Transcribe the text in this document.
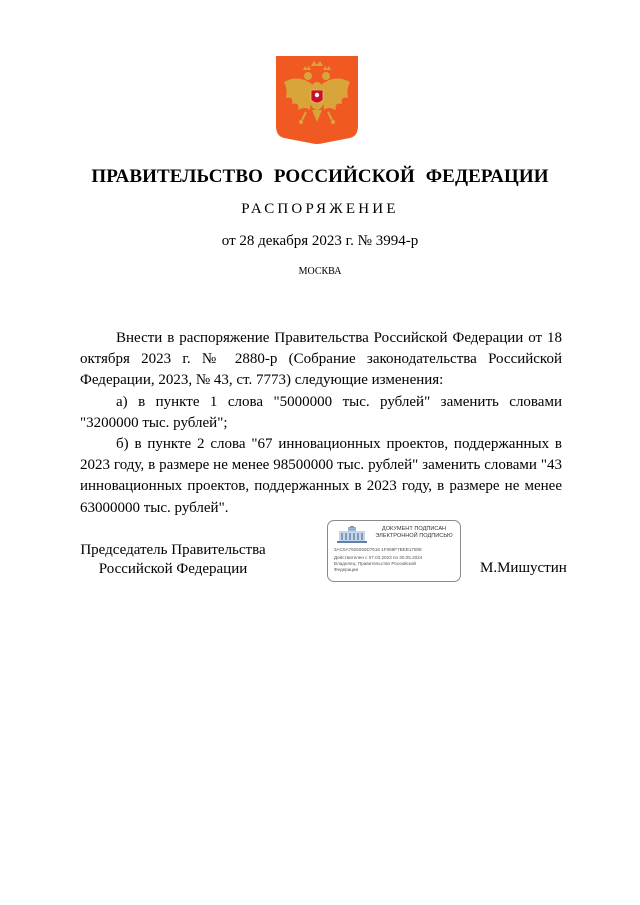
ПРАВИТЕЛЬСТВО РОССИЙСКОЙ ФЕДЕРАЦИИ
РАСПОРЯЖЕНИЕ
от 28 декабря 2023 г. № 3994-р
МОСКВА

Внести в распоряжение Правительства Российской Федерации от 18 октября 2023 г. № 2880-р (Собрание законодательства Российской Федерации, 2023, № 43, ст. 7773) следующие изменения:

а) в пункте 1 слова "5000000 тыс. рублей" заменить словами "3200000 тыс. рублей";

б) в пункте 2 слова "67 инновационных проектов, поддержанных в 2023 году, в размере не менее 98500000 тыс. рублей" заменить словами "43 инновационных проектов, поддержанных в 2023 году, в размере не менее 63000000 тыс. рублей".

Председатель Правительства
Российской Федерации
ДОКУМЕНТ ПОДПИСАН
ЭЛЕКТРОННОЙ ПОДПИСЬЮ
3AC0A7925050D7616 1F089F7BEB1780E
Действителен с 07.03.2023 по 30.05.2024
Владелец: Правительство Российской
Федерации	М.Мишустин
